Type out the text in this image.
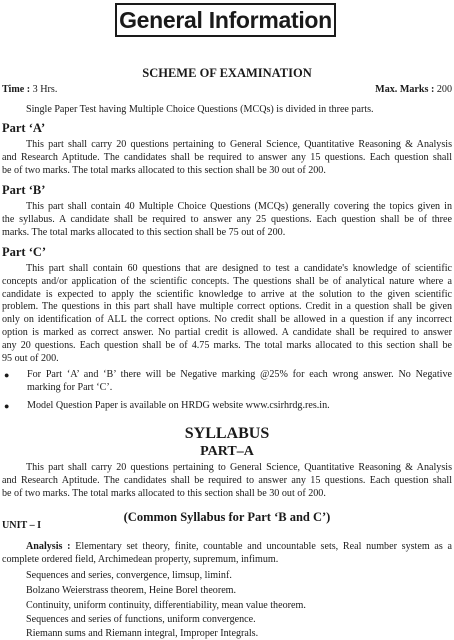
General Information
SCHEME OF EXAMINATION
Time : 3 Hrs.	Max. Marks : 200
Single Paper Test having Multiple Choice Questions (MCQs) is divided in three parts.
Part ‘A’
This part shall carry 20 questions pertaining to General Science, Quantitative Reasoning & Analysis
and Research Aptitude. The candidates shall be required to answer any 15 questions. Each question shall
be of two marks. The total marks allocated to this section shall be 30 out of 200.
Part ‘B’
This part shall contain 40 Multiple Choice Questions (MCQs) generally covering the topics given in
the syllabus. A candidate shall be required to answer any 25 questions. Each question shall be of three
marks. The total marks allocated to this section shall be 75 out of 200.
Part ‘C’
This part shall contain 60 questions that are designed to test a candidate's knowledge of scientific
concepts and/or application of the scientific concepts. The questions shall be of analytical nature where a
candidate is expected to apply the scientific knowledge to arrive at the solution to the given scientific
problem. The questions in this part shall have multiple correct options. Credit in a question shall be given
only on identification of ALL the correct options. No credit shall be allowed in a question if any incorrect
option is marked as correct answer. No partial credit is allowed. A candidate shall be required to answer
any 20 questions. Each question shall be of 4.75 marks. The total marks allocated to this section shall be
95 out of 200.
● For Part ‘A’ and ‘B’ there will be Negative marking @25% for each wrong answer. No Negative
marking for Part ‘C’.
● Model Question Paper is available on HRDG website www.csirhrdg.res.in.
SYLLABUS
PART–A
This part shall carry 20 questions pertaining to General Science, Quantitative Reasoning & Analysis
and Research Aptitude. The candidates shall be required to answer any 15 questions. Each question shall
be of two marks. The total marks allocated to this section shall be 30 out of 200.
UNIT – I
(Common Syllabus for Part ‘B and C’)
Analysis : Elementary set theory, finite, countable and uncountable sets, Real number system as a
complete ordered field, Archimedean property, supremum, infimum.
Sequences and series, convergence, limsup, liminf.
Bolzano Weierstrass theorem, Heine Borel theorem.
Continuity, uniform continuity, differentiability, mean value theorem.
Sequences and series of functions, uniform convergence.
Riemann sums and Riemann integral, Improper Integrals.
